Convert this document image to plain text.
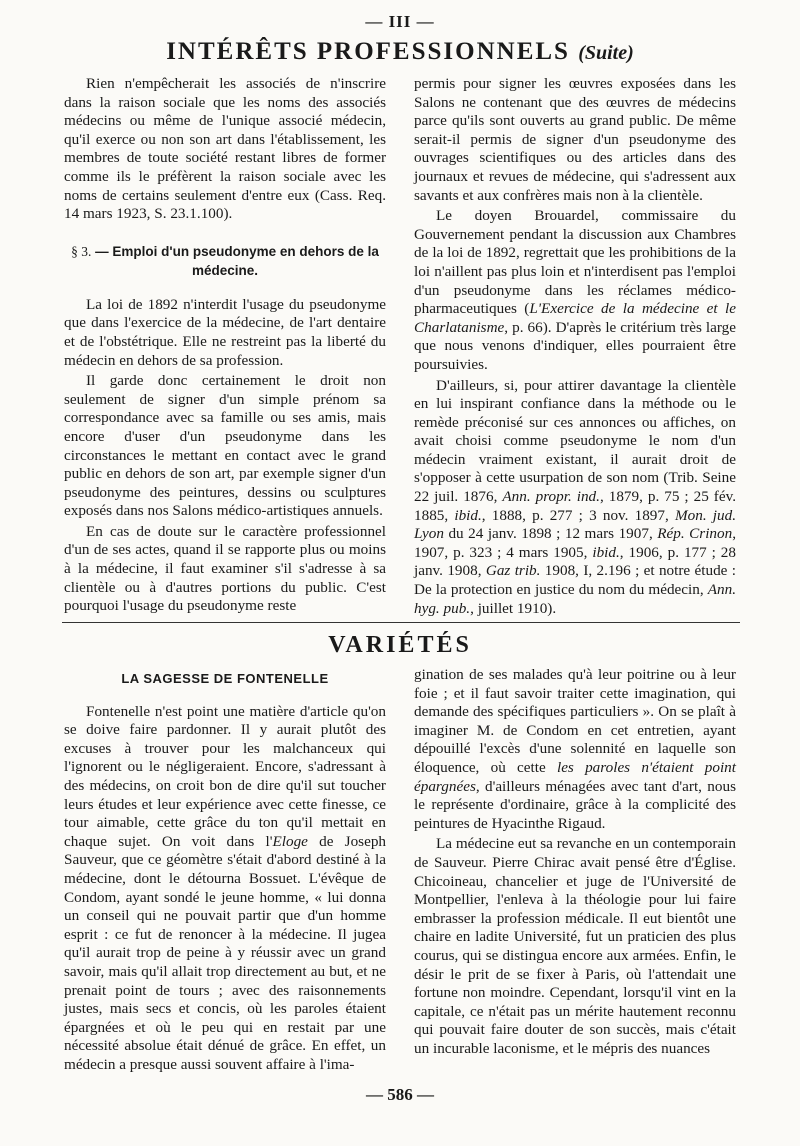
— III —
INTÉRÊTS PROFESSIONNELS (Suite)

Rien n'empêcherait les associés de n'inscrire dans la raison sociale que les noms des associés médecins ou même de l'unique associé médecin, qu'il exerce ou non son art dans l'établissement, les membres de toute société restant libres de former comme ils le préfèrent la raison sociale avec les noms de certains seulement d'entre eux (Cass. Req. 14 mars 1923, S. 23.1.100).

§ 3. — Emploi d'un pseudonyme en dehors de la médecine.

La loi de 1892 n'interdit l'usage du pseudonyme que dans l'exercice de la médecine, de l'art dentaire et de l'obstétrique. Elle ne restreint pas la liberté du médecin en dehors de sa profession.

Il garde donc certainement le droit non seulement de signer d'un simple prénom sa correspondance avec sa famille ou ses amis, mais encore d'user d'un pseudonyme dans les circonstances le mettant en contact avec le grand public en dehors de son art, par exemple signer d'un pseudonyme des peintures, dessins ou sculptures exposés dans nos Salons médico-artistiques annuels.

En cas de doute sur le caractère professionnel d'un de ses actes, quand il se rapporte plus ou moins à la médecine, il faut examiner s'il s'adresse à sa clientèle ou à d'autres portions du public. C'est pourquoi l'usage du pseudonyme reste

permis pour signer les œuvres exposées dans les Salons ne contenant que des œuvres de médecins parce qu'ils sont ouverts au grand public. De même serait-il permis de signer d'un pseudonyme des ouvrages scientifiques ou des articles dans des journaux et revues de médecine, qui s'adressent aux savants et aux confrères mais non à la clientèle.

Le doyen Brouardel, commissaire du Gouvernement pendant la discussion aux Chambres de la loi de 1892, regrettait que les prohibitions de la loi n'aillent pas plus loin et n'interdisent pas l'emploi d'un pseudonyme dans les réclames médico-pharmaceutiques (L'Exercice de la médecine et le Charlatanisme, p. 66). D'après le critérium très large que nous venons d'indiquer, elles pourraient être poursuivies.

D'ailleurs, si, pour attirer davantage la clientèle en lui inspirant confiance dans la méthode ou le remède préconisé sur ces annonces ou affiches, on avait choisi comme pseudonyme le nom d'un médecin vraiment existant, il aurait droit de s'opposer à cette usurpation de son nom (Trib. Seine 22 juil. 1876, Ann. propr. ind., 1879, p. 75 ; 25 fév. 1885, ibid., 1888, p. 277 ; 3 nov. 1897, Mon. jud. Lyon du 24 janv. 1898 ; 12 mars 1907, Rép. Crinon, 1907, p. 323 ; 4 mars 1905, ibid., 1906, p. 177 ; 28 janv. 1908, Gaz trib. 1908, I, 2.196 ; et notre étude : De la protection en justice du nom du médecin, Ann. hyg. pub., juillet 1910).

VARIÉTÉS
LA SAGESSE DE FONTENELLE

Fontenelle n'est point une matière d'article qu'on se doive faire pardonner. Il y aurait plutôt des excuses à trouver pour les malchanceux qui l'ignorent ou le négligeraient. Encore, s'adressant à des médecins, on croit bon de dire qu'il sut toucher leurs études et leur expérience avec cette finesse, ce tour aimable, cette grâce du ton qu'il mettait en chaque sujet. On voit dans l'Eloge de Joseph Sauveur, que ce géomètre s'était d'abord destiné à la médecine, dont le détourna Bossuet. L'évêque de Condom, ayant sondé le jeune homme, « lui donna un conseil qui ne pouvait partir que d'un homme esprit : ce fut de renoncer à la médecine. Il jugea qu'il aurait trop de peine à y réussir avec un grand savoir, mais qu'il allait trop directement au but, et ne prenait point de tours ; avec des raisonnements justes, mais secs et concis, où les paroles étaient épargnées et où le peu qui en restait par une nécessité absolue était dénué de grâce. En effet, un médecin a presque aussi souvent affaire à l'ima-

gination de ses malades qu'à leur poitrine ou à leur foie ; et il faut savoir traiter cette imagination, qui demande des spécifiques particuliers ». On se plaît à imaginer M. de Condom en cet entretien, ayant dépouillé l'excès d'une solennité en laquelle son éloquence, où cette les paroles n'étaient point épargnées, d'ailleurs ménagées avec tant d'art, nous le représente d'ordinaire, grâce à la complicité des peintures de Hyacinthe Rigaud.

La médecine eut sa revanche en un contemporain de Sauveur. Pierre Chirac avait pensé être d'Église. Chicoineau, chancelier et juge de l'Université de Montpellier, l'enleva à la théologie pour lui faire embrasser la profession médicale. Il eut bientôt une chaire en ladite Université, fut un praticien des plus courus, qui se distingua encore aux armées. Enfin, le désir le prit de se fixer à Paris, où l'attendait une fortune non moindre. Cependant, lorsqu'il vint en la capitale, ce n'était pas un mérite hautement reconnu qui pouvait faire douter de son succès, mais c'était un incurable laconisme, et le mépris des nuances

— 586 —
